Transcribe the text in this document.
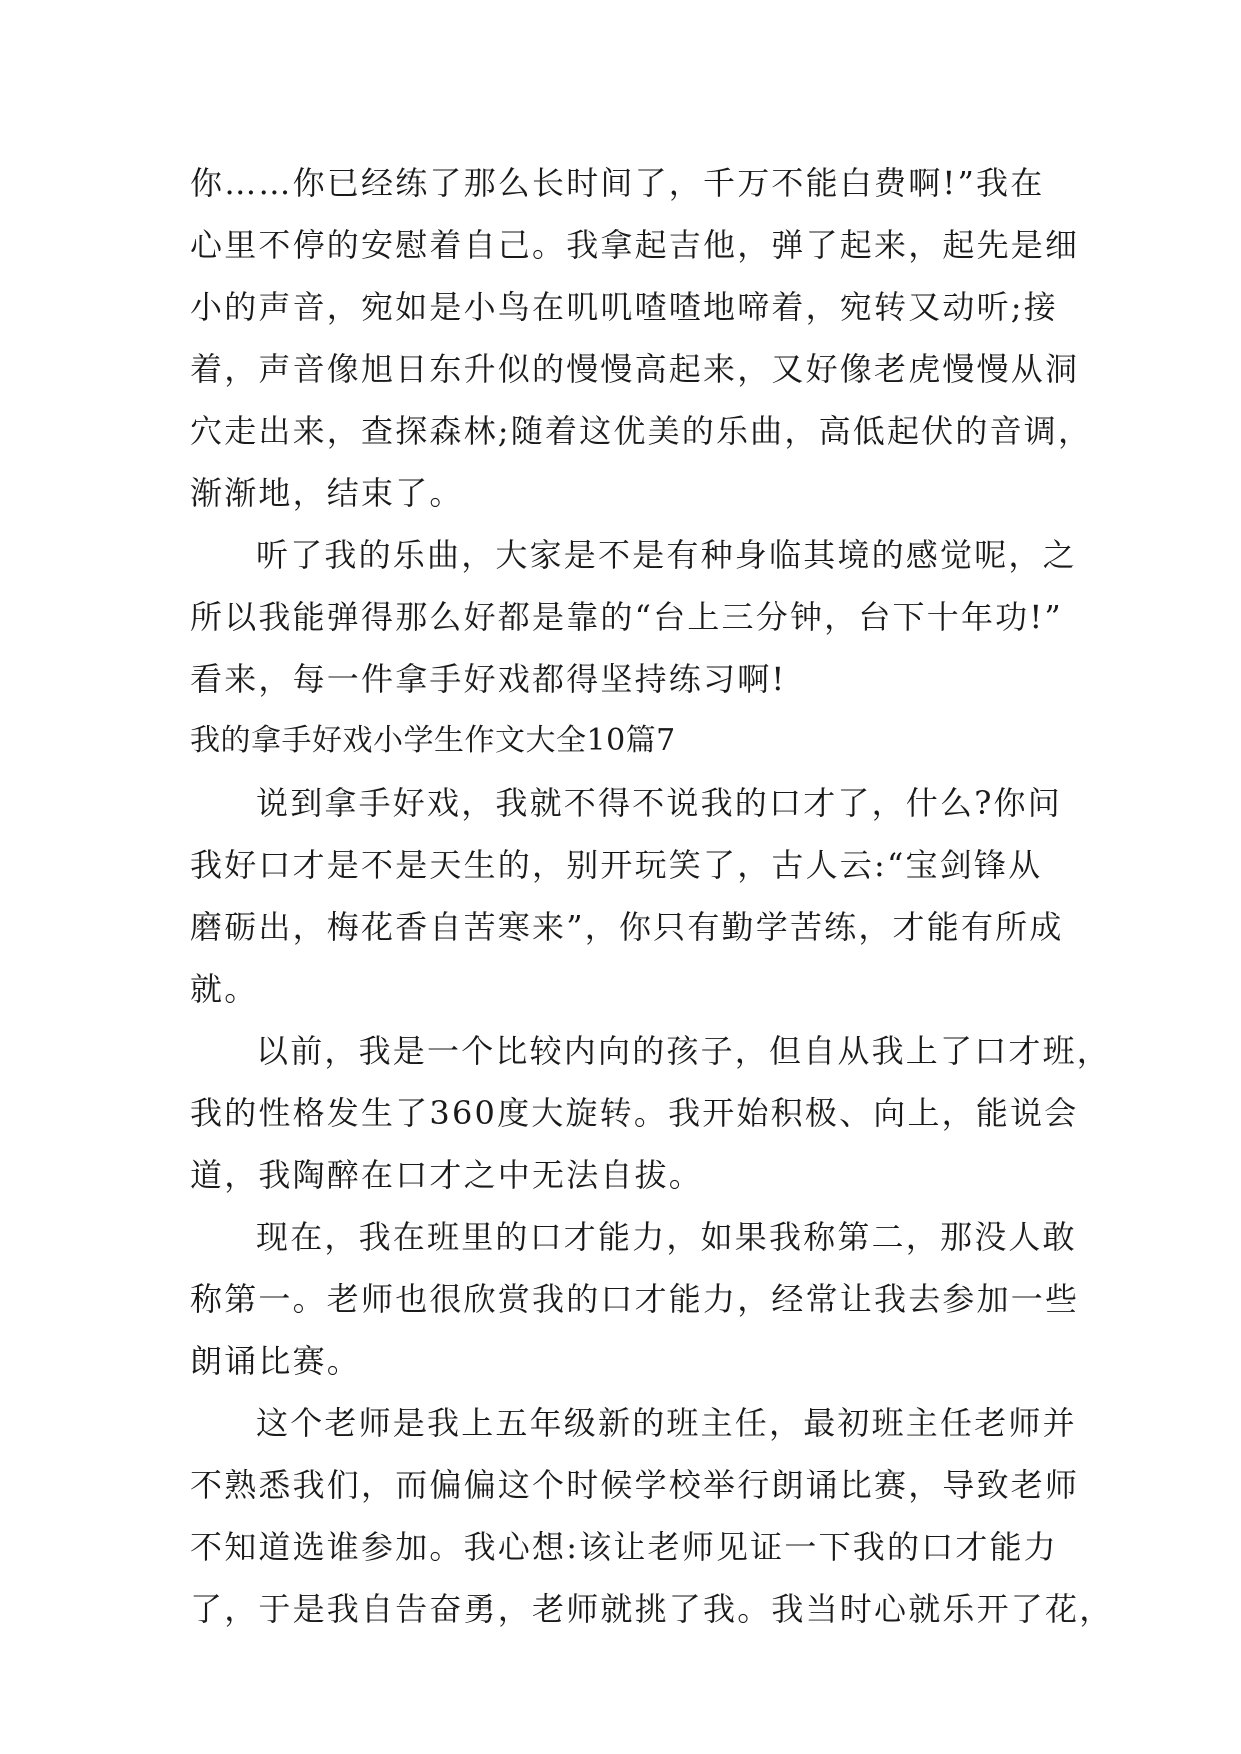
你……你已经练了那么长时间了，千万不能白费啊!”我在
心里不停的安慰着自己。我拿起吉他，弹了起来，起先是细
小的声音，宛如是小鸟在叽叽喳喳地啼着，宛转又动听;接
着，声音像旭日东升似的慢慢高起来，又好像老虎慢慢从洞
穴走出来，查探森林;随着这优美的乐曲，高低起伏的音调，
渐渐地，结束了。
听了我的乐曲，大家是不是有种身临其境的感觉呢，之
所以我能弹得那么好都是靠的“台上三分钟，台下十年功!”
看来，每一件拿手好戏都得坚持练习啊!
我的拿手好戏小学生作文大全10篇7
说到拿手好戏，我就不得不说我的口才了，什么?你问
我好口才是不是天生的，别开玩笑了，古人云:“宝剑锋从
磨砺出，梅花香自苦寒来”，你只有勤学苦练，才能有所成
就。
以前，我是一个比较内向的孩子，但自从我上了口才班，
我的性格发生了360度大旋转。我开始积极、向上，能说会
道，我陶醉在口才之中无法自拔。
现在，我在班里的口才能力，如果我称第二，那没人敢
称第一。老师也很欣赏我的口才能力，经常让我去参加一些
朗诵比赛。
这个老师是我上五年级新的班主任，最初班主任老师并
不熟悉我们，而偏偏这个时候学校举行朗诵比赛，导致老师
不知道选谁参加。我心想:该让老师见证一下我的口才能力
了，于是我自告奋勇，老师就挑了我。我当时心就乐开了花，
